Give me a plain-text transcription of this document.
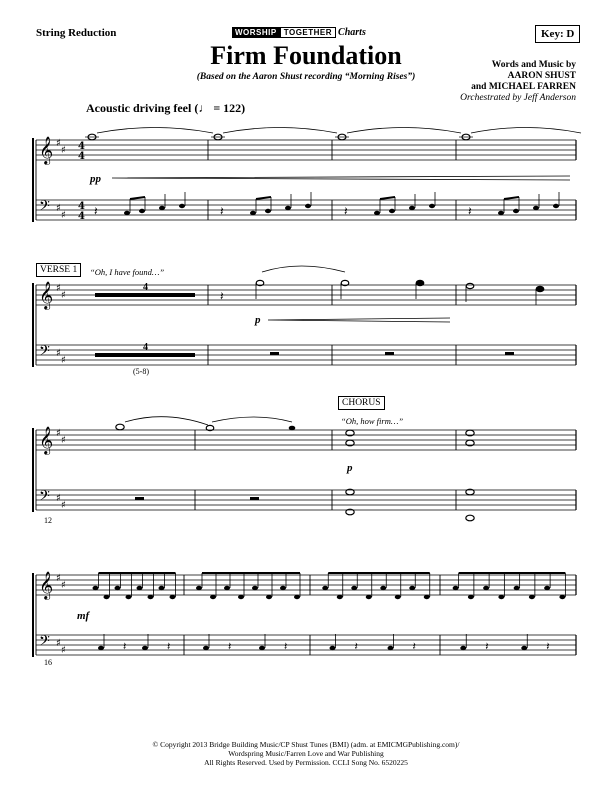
String Reduction	WORSHIP TOGETHER Charts	Key: D
Firm Foundation
(Based on the Aaron Shust recording “Morning Rises”)
Words and Music by
AARON SHUST
and MICHAEL FARREN
Orchestrated by Jeff Anderson
Acoustic driving feel (♩ = 122)
𝄞
𝄢
♯
♯
♯
♯
𝄞
𝄢
♯
♯
♯
♯
𝄞
𝄢
♯
♯
♯
♯
𝄞
𝄢
♯
♯
♯
♯
4
4
4
4 𝄽	𝄽	𝄽	𝄽
𝄽
𝄽	𝄽	𝄽	𝄽	𝄽	𝄽	𝄽	𝄽
pp
VERSE 1	“Oh, I have found…”
4
4
(5-8)
p
CHORUS
“Oh, how firm…”
p
12
mf
16
© Copyright 2013 Bridge Building Music/CP Shust Tunes (BMI) (adm. at EMICMGPublishing.com)/
Wordspring Music/Farren Love and War Publishing
All Rights Reserved. Used by Permission. CCLI Song No. 6520225
